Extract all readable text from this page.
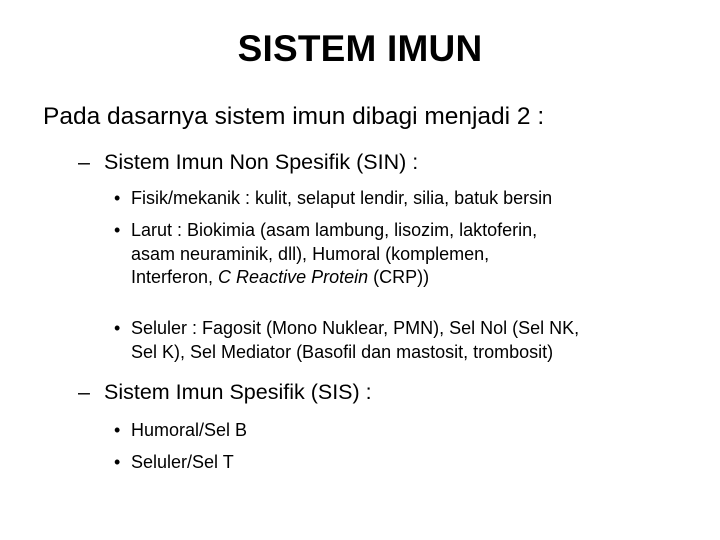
SISTEM IMUN
Pada dasarnya sistem imun dibagi menjadi 2 :
– Sistem Imun Non Spesifik (SIN) :
• Fisik/mekanik : kulit, selaput lendir, silia, batuk bersin
• Larut : Biokimia (asam lambung, lisozim, laktoferin,
asam neuraminik, dll), Humoral (komplemen,
Interferon, C Reactive Protein (CRP))
• Seluler : Fagosit (Mono Nuklear, PMN), Sel Nol (Sel NK,
Sel K), Sel Mediator (Basofil dan mastosit, trombosit)
– Sistem Imun Spesifik (SIS) :
• Humoral/Sel B
• Seluler/Sel T
